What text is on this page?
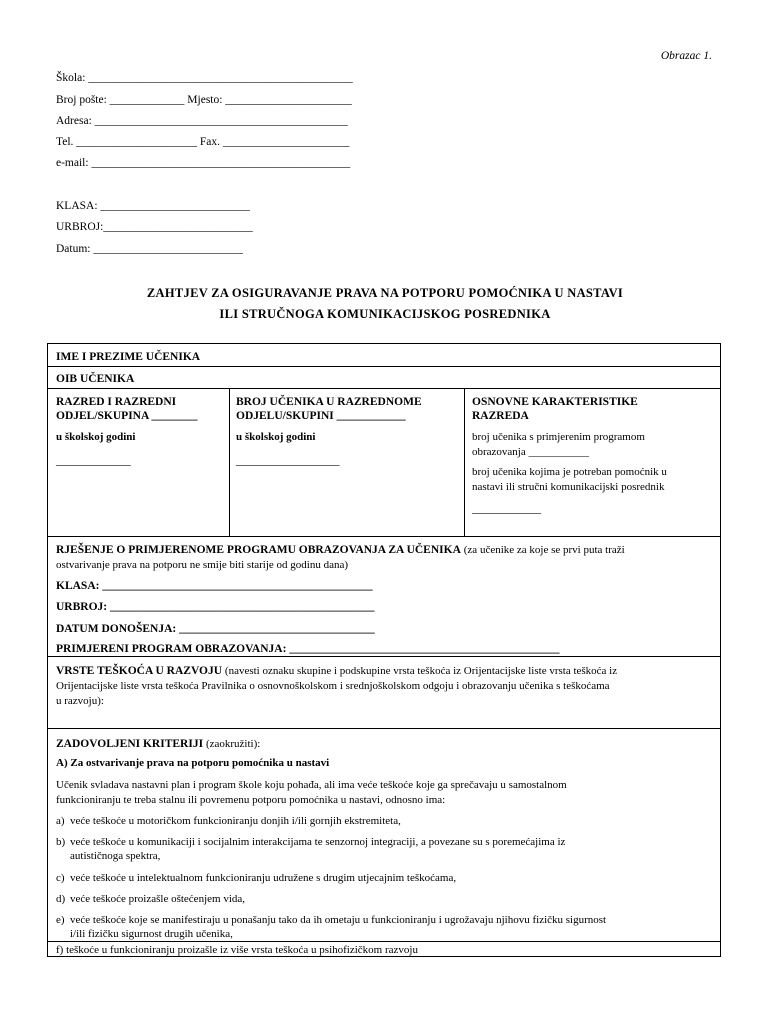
Obrazac 1.
Škola: ______________________________________________
Broj pošte: _____________ Mjesto: ______________________
Adresa: ____________________________________________
Tel. _____________________ Fax. ______________________
e-mail: _____________________________________________
KLASA: __________________________
URBROJ:__________________________
Datum: __________________________
ZAHTJEV ZA OSIGURAVANJE PRAVA NA POTPORU POMOĆNIKA U NASTAVI
ILI STRUČNOGA KOMUNIKACIJSKOG POSREDNIKA
IME I PREZIME UČENIKA
OIB UČENIKA
RAZRED I RAZREDNI
ODJEL/SKUPINA ________
u školskoj godini
_____________
BROJ UČENIKA U RAZREDNOME
ODJELU/SKUPINI ____________
u školskoj godini
__________________
OSNOVNE KARAKTERISTIKE
RAZREDA
broj učenika s primjerenim programom
obrazovanja ___________
broj učenika kojima je potreban pomoćnik u
nastavi ili stručni komunikacijski posrednik
____________
RJEŠENJE O PRIMJERENOME PROGRAMU OBRAZOVANJA ZA UČENIKA (za učenike za koje se prvi puta traži
ostvarivanje prava na potporu ne smije biti starije od godinu dana)
KLASA: _______________________________________________
URBROJ: ______________________________________________
DATUM DONOŠENJA: __________________________________
PRIMJERENI PROGRAM OBRAZOVANJA: _______________________________________________
VRSTE TEŠKOĆA U RAZVOJU (navesti oznaku skupine i podskupine vrsta teškoća iz Orijentacijske liste vrsta teškoća iz
Orijentacijske liste vrsta teškoća Pravilnika o osnovnoškolskom i srednjoškolskom odgoju i obrazovanju učenika s teškoćama
u razvoju):
ZADOVOLJENI KRITERIJI (zaokružiti):
A) Za ostvarivanje prava na potporu pomoćnika u nastavi
Učenik svladava nastavni plan i program škole koju pohađa, ali ima veće teškoće koje ga sprečavaju u samostalnom
funkcioniranju te treba stalnu ili povremenu potporu pomoćnika u nastavi, odnosno ima:
a) veće teškoće u motoričkom funkcioniranju donjih i/ili gornjih ekstremiteta,
b) veće teškoće u komunikaciji i socijalnim interakcijama te senzornoj integraciji, a povezane su s poremećajima iz
autističnoga spektra,
c) veće teškoće u intelektualnom funkcioniranju udružene s drugim utjecajnim teškoćama,
d) veće teškoće proizašle oštećenjem vida,
e) veće teškoće koje se manifestiraju u ponašanju tako da ih ometaju u funkcioniranju i ugrožavaju njihovu fizičku sigurnost
i/ili fizičku sigurnost drugih učenika,
f) teškoće u funkcioniranju proizašle iz više vrsta teškoća u psihofizičkom razvoju
